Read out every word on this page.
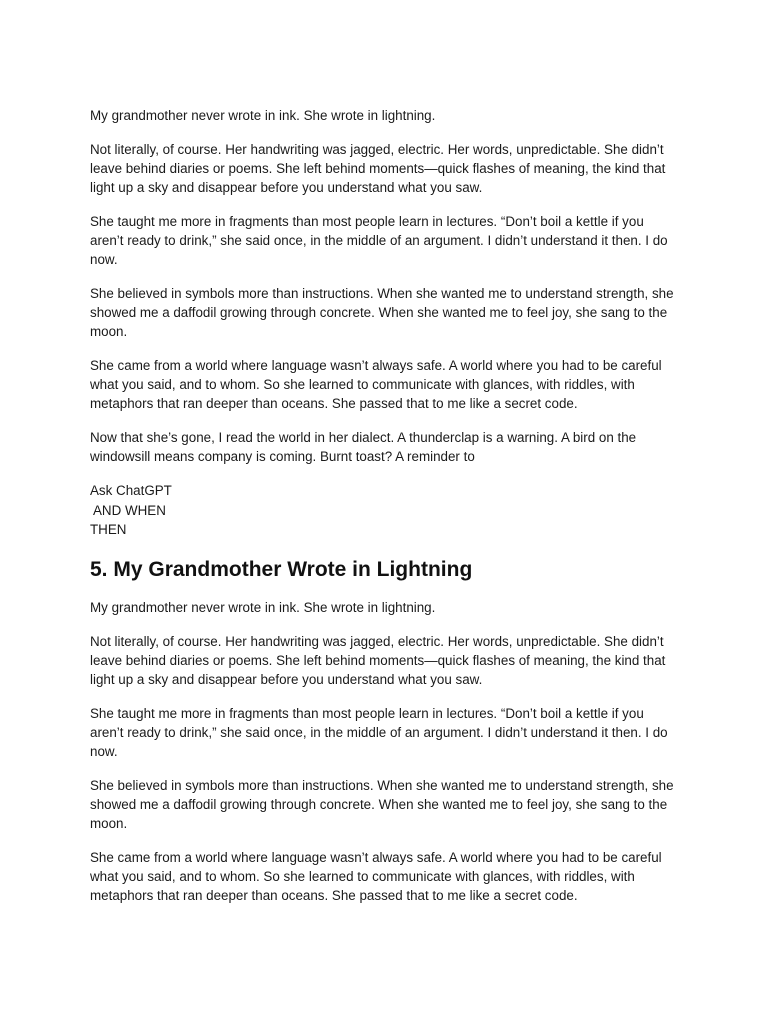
My grandmother never wrote in ink. She wrote in lightning.

Not literally, of course. Her handwriting was jagged, electric. Her words, unpredictable. She didn’t leave behind diaries or poems. She left behind moments—quick flashes of meaning, the kind that light up a sky and disappear before you understand what you saw.

She taught me more in fragments than most people learn in lectures. “Don’t boil a kettle if you aren’t ready to drink,” she said once, in the middle of an argument. I didn’t understand it then. I do now.

She believed in symbols more than instructions. When she wanted me to understand strength, she showed me a daffodil growing through concrete. When she wanted me to feel joy, she sang to the moon.

She came from a world where language wasn’t always safe. A world where you had to be careful what you said, and to whom. So she learned to communicate with glances, with riddles, with metaphors that ran deeper than oceans. She passed that to me like a secret code.

Now that she’s gone, I read the world in her dialect. A thunderclap is a warning. A bird on the windowsill means company is coming. Burnt toast? A reminder to

Ask ChatGPT
AND WHEN
THEN
5. My Grandmother Wrote in Lightning

My grandmother never wrote in ink. She wrote in lightning.

Not literally, of course. Her handwriting was jagged, electric. Her words, unpredictable. She didn’t leave behind diaries or poems. She left behind moments—quick flashes of meaning, the kind that light up a sky and disappear before you understand what you saw.

She taught me more in fragments than most people learn in lectures. “Don’t boil a kettle if you aren’t ready to drink,” she said once, in the middle of an argument. I didn’t understand it then. I do now.

She believed in symbols more than instructions. When she wanted me to understand strength, she showed me a daffodil growing through concrete. When she wanted me to feel joy, she sang to the moon.

She came from a world where language wasn’t always safe. A world where you had to be careful what you said, and to whom. So she learned to communicate with glances, with riddles, with metaphors that ran deeper than oceans. She passed that to me like a secret code.
